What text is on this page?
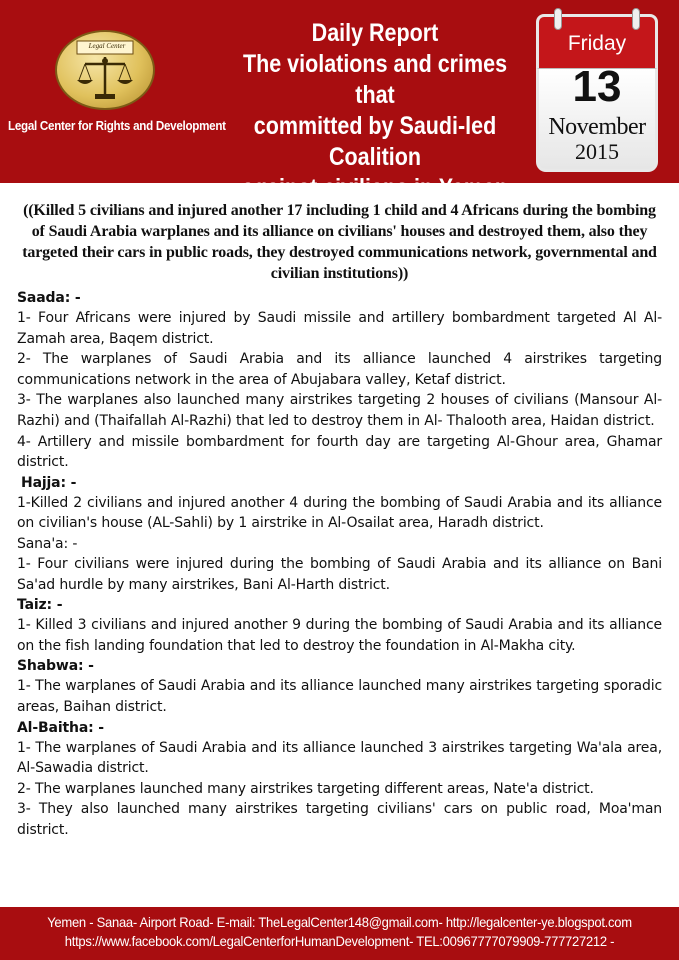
Legal Center
Legal Center for Rights and Development
Daily Report
The violations and crimes that
committed by Saudi-led Coalition
against civilians in Yemen
Friday
13
November
2015
((Killed 5 civilians and injured another 17 including 1 child and 4 Africans during the bombing of Saudi Arabia warplanes and its alliance on civilians' houses and destroyed them, also they targeted their cars in public roads, they destroyed communications network, governmental and civilian institutions))
Saada: -
1- Four Africans were injured by Saudi missile and artillery bombardment targeted Al Al-Zamah area, Baqem district.
2- The warplanes of Saudi Arabia and its alliance launched 4 airstrikes targeting communications network in the area of Abujabara valley, Ketaf district.
3- The warplanes also launched many airstrikes targeting 2 houses of civilians (Mansour Al-Razhi) and (Thaifallah Al-Razhi) that led to destroy them in Al- Thalooth area, Haidan district.
4- Artillery and missile bombardment for fourth day are targeting Al-Ghour area, Ghamar district.
Hajja: -
1-Killed 2 civilians and injured another 4 during the bombing of Saudi Arabia and its alliance on civilian's house (AL-Sahli) by 1 airstrike in Al-Osailat area, Haradh district.
Sana'a: -
1- Four civilians were injured during the bombing of Saudi Arabia and its alliance on Bani Sa'ad hurdle by many airstrikes, Bani Al-Harth district.
Taiz: -
1- Killed 3 civilians and injured another 9 during the bombing of Saudi Arabia and its alliance on the fish landing foundation that led to destroy the foundation in Al-Makha city.
Shabwa: -
1- The warplanes of Saudi Arabia and its alliance launched many airstrikes targeting sporadic areas, Baihan district.
Al-Baitha: -
1- The warplanes of Saudi Arabia and its alliance launched 3 airstrikes targeting Wa'ala area, Al-Sawadia district.
2- The warplanes launched many airstrikes targeting different areas, Nate'a district.
3- They also launched many airstrikes targeting civilians' cars on public road, Moa'man district.
Yemen - Sanaa- Airport Road- E-mail: TheLegalCenter148@gmail.com- http://legalcenter-ye.blogspot.com
https://www.facebook.com/LegalCenterforHumanDevelopment- TEL:00967777079909-777727212 -
